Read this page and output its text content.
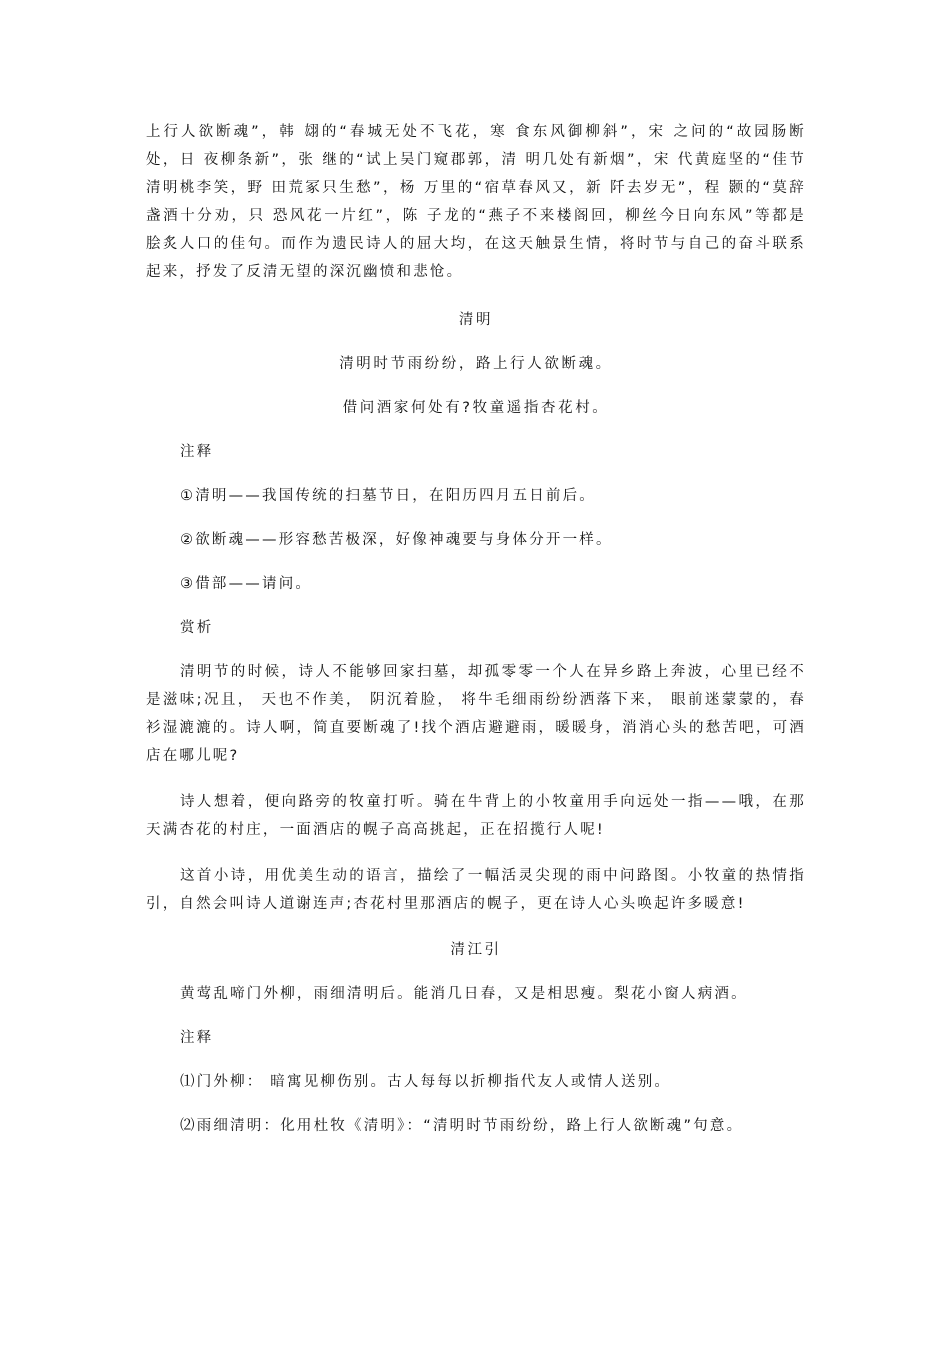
上行人欲断魂”，韩 翃的“春城无处不飞花，寒 食东风御柳斜”，宋 之问的“故园肠断处，日 夜柳条新”，张 继的“试上吴门窥郡郭，清 明几处有新烟”，宋 代黄庭坚的“佳节清明桃李笑，野 田荒冢只生愁”，杨 万里的“宿草春风又，新 阡去岁无”，程 颢的“莫辞盏酒十分劝，只 恐风花一片红”，陈 子龙的“燕子不来楼阁回，柳丝今日向东风”等都是脍炙人口的佳句。而作为遗民诗人的屈大均，在这天触景生情，将时节与自己的奋斗联系起来，抒发了反清无望的深沉幽愤和悲怆。

清明

清明时节雨纷纷，路上行人欲断魂。

借问酒家何处有?牧童遥指杏花村。

注释

①清明——我国传统的扫墓节日，在阳历四月五日前后。

②欲断魂——形容愁苦极深，好像神魂要与身体分开一样。

③借部——请问。

赏析

清明节的时候，诗人不能够回家扫墓，却孤零零一个人在异乡路上奔波，心里已经不是滋味;况且， 天也不作美， 阴沉着脸， 将牛毛细雨纷纷洒落下来， 眼前迷蒙蒙的，春衫湿漉漉的。诗人啊，简直要断魂了!找个酒店避避雨，暖暖身，消消心头的愁苦吧，可酒店在哪儿呢?

诗人想着，便向路旁的牧童打听。骑在牛背上的小牧童用手向远处一指——哦，在那天满杏花的村庄，一面酒店的幌子高高挑起，正在招揽行人呢!

这首小诗，用优美生动的语言，描绘了一幅活灵尖现的雨中问路图。小牧童的热情指引，自然会叫诗人道谢连声;杏花村里那酒店的幌子，更在诗人心头唤起许多暖意!

清江引

黄莺乱啼门外柳，雨细清明后。能消几日春，又是相思瘦。梨花小窗人病酒。

注释

⑴门外柳： 暗寓见柳伤别。古人每每以折柳指代友人或情人送别。

⑵雨细清明：化用杜牧《清明》：“清明时节雨纷纷，路上行人欲断魂”句意。
